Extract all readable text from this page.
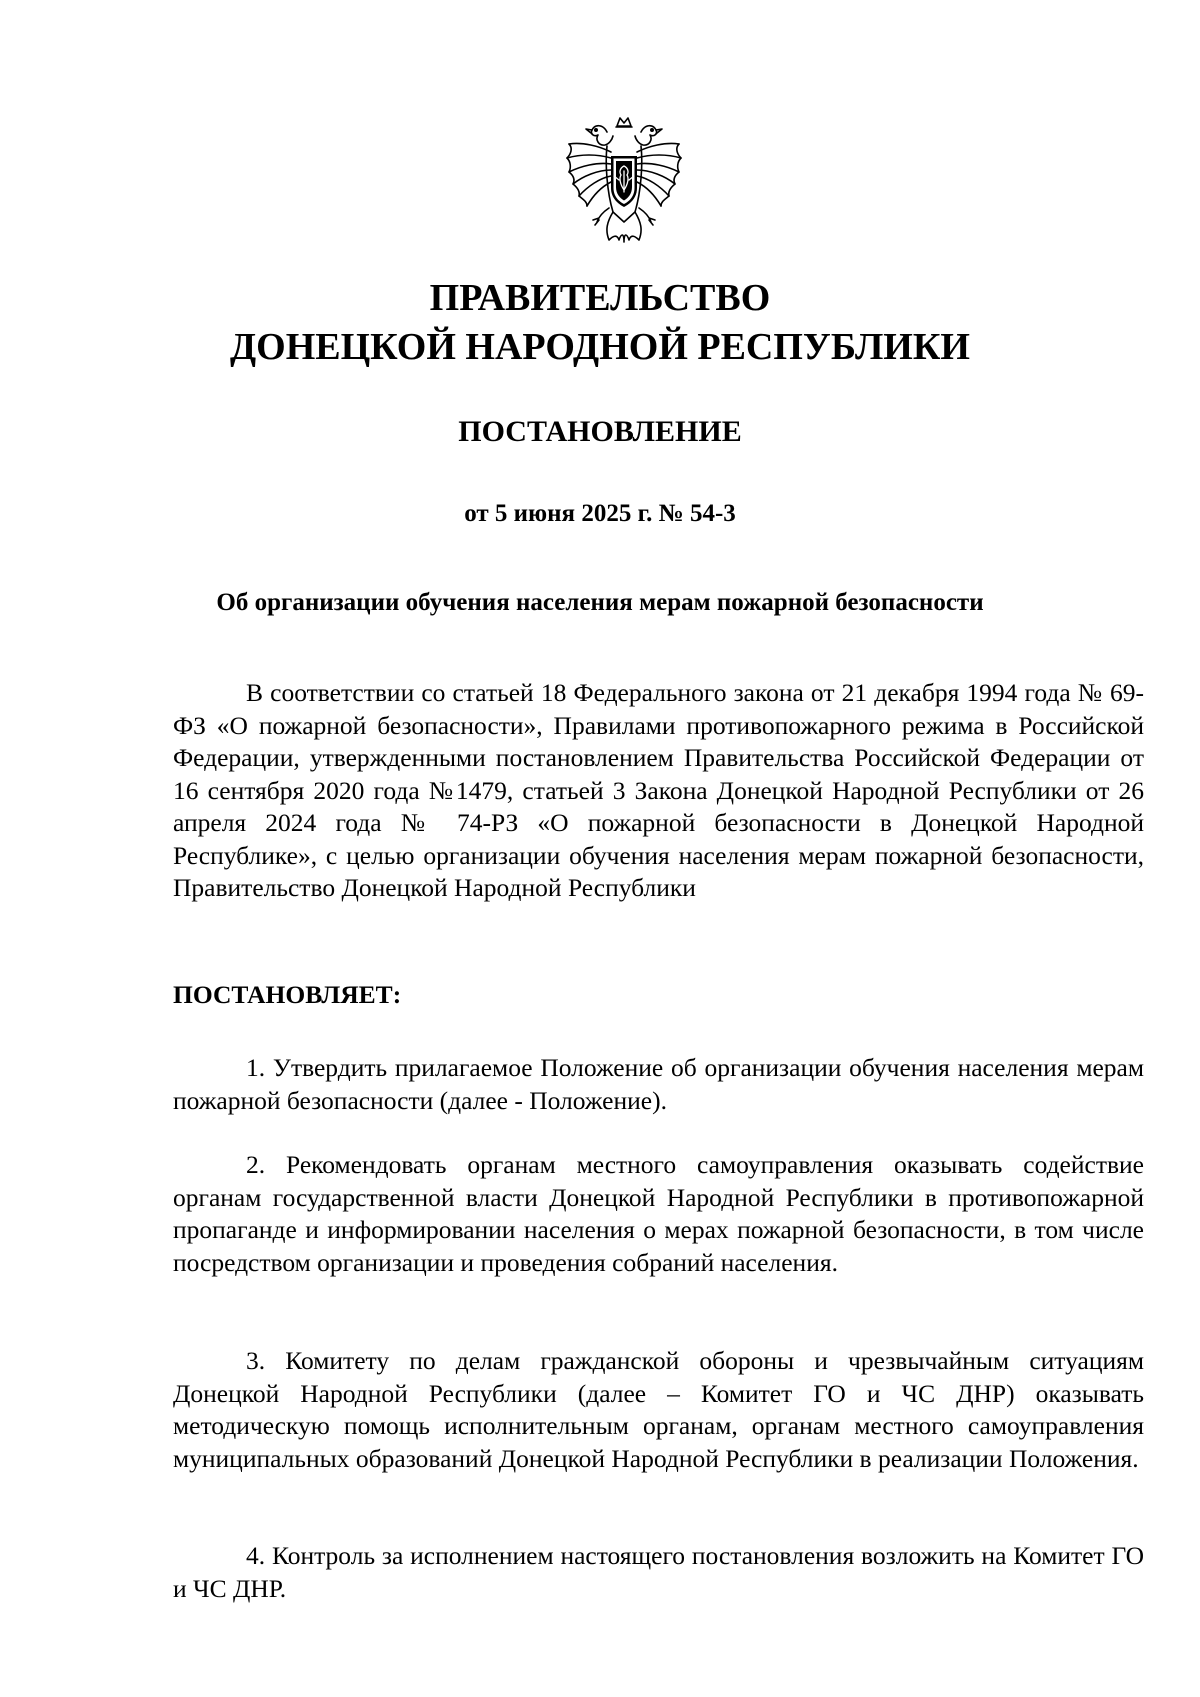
ПРАВИТЕЛЬСТВО

ДОНЕЦКОЙ НАРОДНОЙ РЕСПУБЛИКИ

ПОСТАНОВЛЕНИЕ

от 5 июня 2025 г. № 54-3

Об организации обучения населения мерам пожарной безопасности

В соответствии со статьей 18 Федерального закона от 21 декабря 1994 года № 69-ФЗ «О пожарной безопасности», Правилами противопожарного режима в Российской Федерации, утвержденными постановлением Правительства Российской Федерации от 16 сентября 2020 года №1479, статьей 3 Закона Донецкой Народной Республики от 26 апреля 2024 года № 74-РЗ «О пожарной безопасности в Донецкой Народной Республике», с целью организации обучения населения мерам пожарной безопасности, Правительство Донецкой Народной Республики

ПОСТАНОВЛЯЕТ:

1. Утвердить прилагаемое Положение об организации обучения населения мерам пожарной безопасности (далее - Положение).

2. Рекомендовать органам местного самоуправления оказывать содействие органам государственной власти Донецкой Народной Республики в противопожарной пропаганде и информировании населения о мерах пожарной безопасности, в том числе посредством организации и проведения собраний населения.

3. Комитету по делам гражданской обороны и чрезвычайным ситуациям Донецкой Народной Республики (далее – Комитет ГО и ЧС ДНР) оказывать методическую помощь исполнительным органам, органам местного самоуправления муниципальных образований Донецкой Народной Республики в реализации Положения.

4. Контроль за исполнением настоящего постановления возложить на Комитет ГО и ЧС ДНР.
